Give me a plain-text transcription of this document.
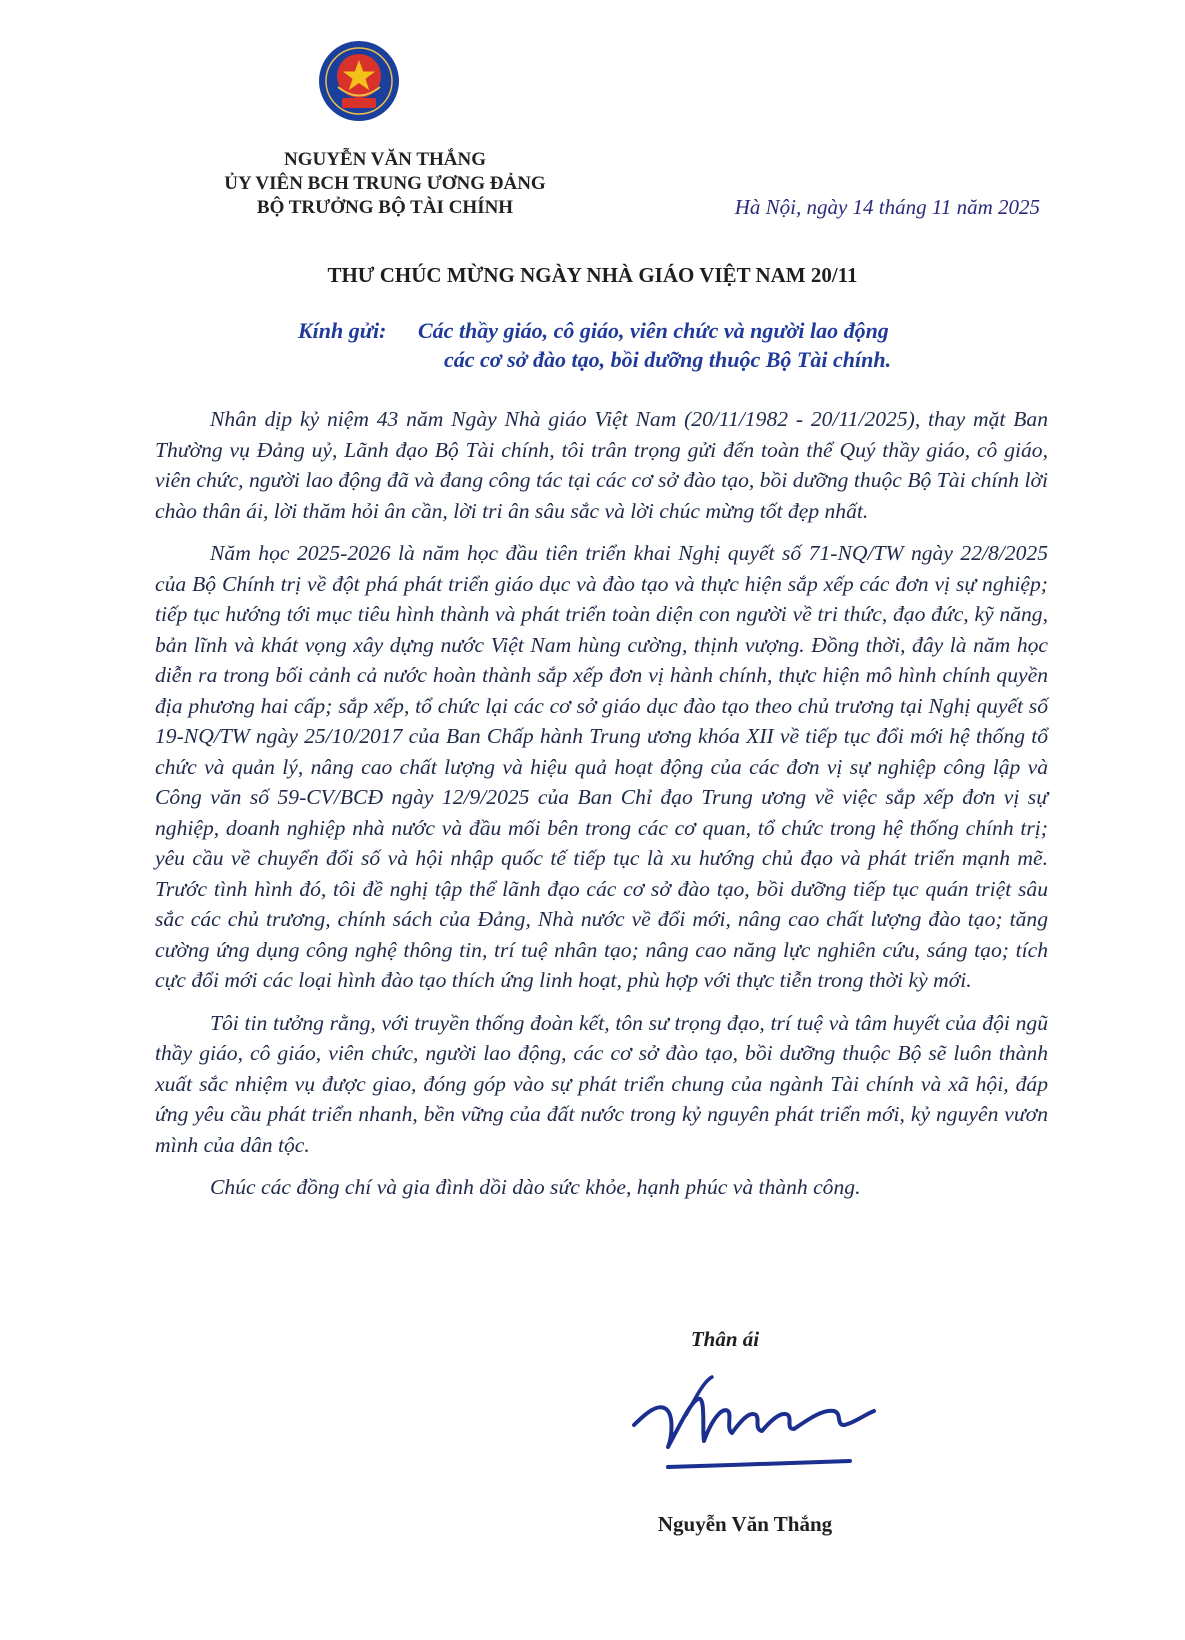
NGUYỄN VĂN THẮNG
ỦY VIÊN BCH TRUNG ƯƠNG ĐẢNG
BỘ TRƯỞNG BỘ TÀI CHÍNH	Hà Nội, ngày 14 tháng 11 năm 2025
THƯ CHÚC MỪNG NGÀY NHÀ GIÁO VIỆT NAM 20/11
Kính gửi:	Các thầy giáo, cô giáo, viên chức và người lao động
các cơ sở đào tạo, bồi dưỡng thuộc Bộ Tài chính.

Nhân dịp kỷ niệm 43 năm Ngày Nhà giáo Việt Nam (20/11/1982 - 20/11/2025), thay mặt Ban Thường vụ Đảng uỷ, Lãnh đạo Bộ Tài chính, tôi trân trọng gửi đến toàn thể Quý thầy giáo, cô giáo, viên chức, người lao động đã và đang công tác tại các cơ sở đào tạo, bồi dưỡng thuộc Bộ Tài chính lời chào thân ái, lời thăm hỏi ân cần, lời tri ân sâu sắc và lời chúc mừng tốt đẹp nhất.

Năm học 2025-2026 là năm học đầu tiên triển khai Nghị quyết số 71-NQ/TW ngày 22/8/2025 của Bộ Chính trị về đột phá phát triển giáo dục và đào tạo và thực hiện sắp xếp các đơn vị sự nghiệp; tiếp tục hướng tới mục tiêu hình thành và phát triển toàn diện con người về tri thức, đạo đức, kỹ năng, bản lĩnh và khát vọng xây dựng nước Việt Nam hùng cường, thịnh vượng. Đồng thời, đây là năm học diễn ra trong bối cảnh cả nước hoàn thành sắp xếp đơn vị hành chính, thực hiện mô hình chính quyền địa phương hai cấp; sắp xếp, tổ chức lại các cơ sở giáo dục đào tạo theo chủ trương tại Nghị quyết số 19-NQ/TW ngày 25/10/2017 của Ban Chấp hành Trung ương khóa XII về tiếp tục đổi mới hệ thống tổ chức và quản lý, nâng cao chất lượng và hiệu quả hoạt động của các đơn vị sự nghiệp công lập và Công văn số 59-CV/BCĐ ngày 12/9/2025 của Ban Chỉ đạo Trung ương về việc sắp xếp đơn vị sự nghiệp, doanh nghiệp nhà nước và đầu mối bên trong các cơ quan, tổ chức trong hệ thống chính trị; yêu cầu về chuyển đổi số và hội nhập quốc tế tiếp tục là xu hướng chủ đạo và phát triển mạnh mẽ. Trước tình hình đó, tôi đề nghị tập thể lãnh đạo các cơ sở đào tạo, bồi dưỡng tiếp tục quán triệt sâu sắc các chủ trương, chính sách của Đảng, Nhà nước về đổi mới, nâng cao chất lượng đào tạo; tăng cường ứng dụng công nghệ thông tin, trí tuệ nhân tạo; nâng cao năng lực nghiên cứu, sáng tạo; tích cực đổi mới các loại hình đào tạo thích ứng linh hoạt, phù hợp với thực tiễn trong thời kỳ mới.

Tôi tin tưởng rằng, với truyền thống đoàn kết, tôn sư trọng đạo, trí tuệ và tâm huyết của đội ngũ thầy giáo, cô giáo, viên chức, người lao động, các cơ sở đào tạo, bồi dưỡng thuộc Bộ sẽ luôn thành xuất sắc nhiệm vụ được giao, đóng góp vào sự phát triển chung của ngành Tài chính và xã hội, đáp ứng yêu cầu phát triển nhanh, bền vững của đất nước trong kỷ nguyên phát triển mới, kỷ nguyên vươn mình của dân tộc.

Chúc các đồng chí và gia đình dồi dào sức khỏe, hạnh phúc và thành công.

Thân ái
Nguyễn Văn Thắng
